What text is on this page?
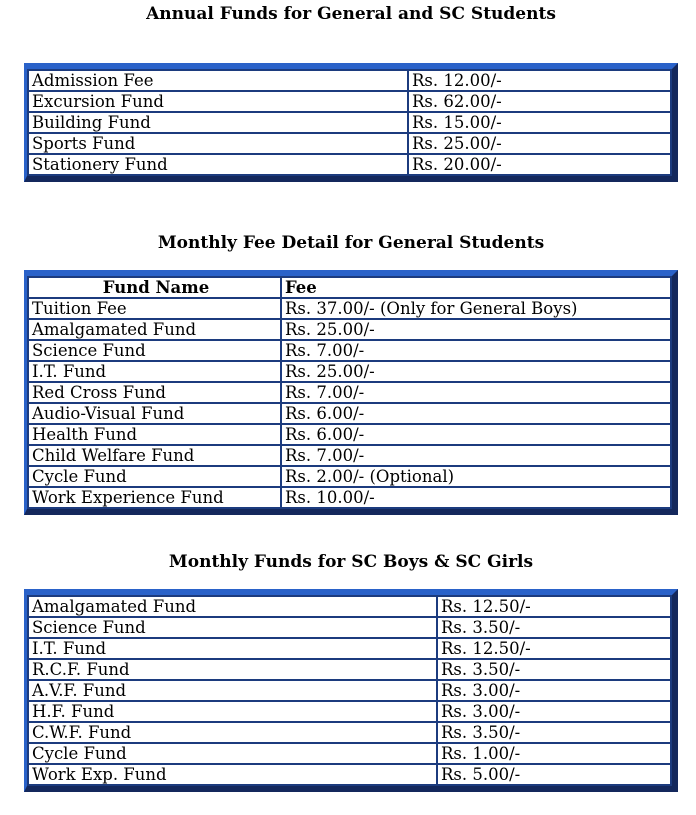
Annual Funds for General and SC Students
Admission Fee	Rs. 12.00/-
Excursion Fund	Rs. 62.00/-
Building Fund	Rs. 15.00/-
Sports Fund	Rs. 25.00/-
Stationery Fund	Rs. 20.00/-
Monthly Fee Detail for General Students
Fund Name	Fee
Tuition Fee	Rs. 37.00/- (Only for General Boys)
Amalgamated Fund	Rs. 25.00/-
Science Fund	Rs. 7.00/-
I.T. Fund	Rs. 25.00/-
Red Cross Fund	Rs. 7.00/-
Audio-Visual Fund	Rs. 6.00/-
Health Fund	Rs. 6.00/-
Child Welfare Fund	Rs. 7.00/-
Cycle Fund	Rs. 2.00/- (Optional)
Work Experience Fund	Rs. 10.00/-
Monthly Funds for SC Boys & SC Girls
Amalgamated Fund	Rs. 12.50/-
Science Fund	Rs. 3.50/-
I.T. Fund	Rs. 12.50/-
R.C.F. Fund	Rs. 3.50/-
A.V.F. Fund	Rs. 3.00/-
H.F. Fund	Rs. 3.00/-
C.W.F. Fund	Rs. 3.50/-
Cycle Fund	Rs. 1.00/-
Work Exp. Fund	Rs. 5.00/-
